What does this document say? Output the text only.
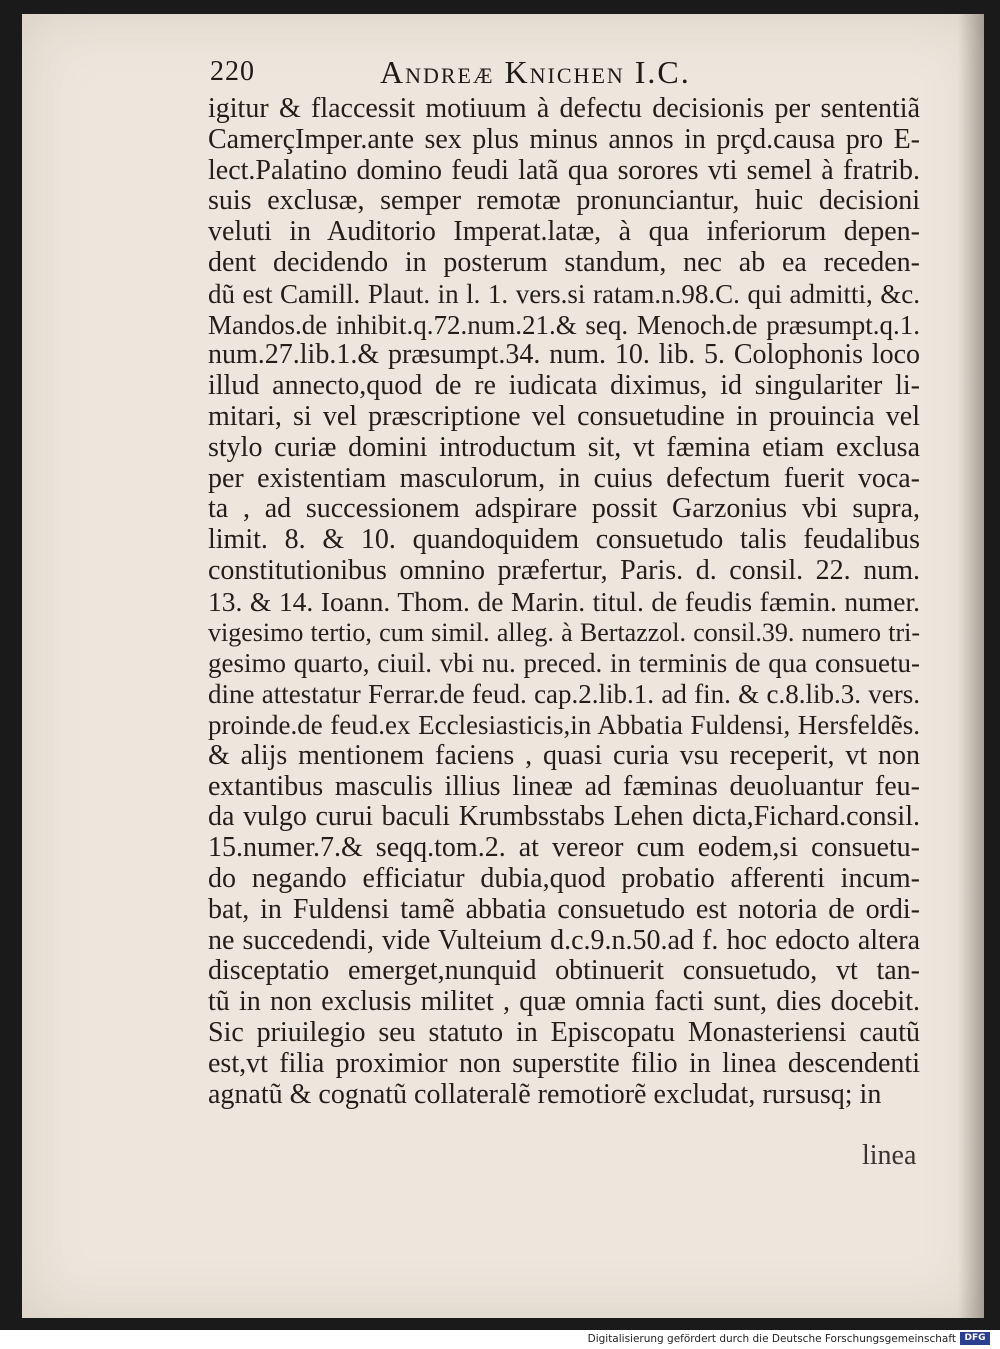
220	Andreæ Knichen I.C.
igitur & flaccessit motiuum à defectu decisionis per sententiã
CamerçImper.ante sex plus minus annos in prçd.causa pro E-
lect.Palatino domino feudi latã qua sorores vti semel à fratrib.
suis exclusæ, semper remotæ pronunciantur, huic decisioni
veluti in Auditorio Imperat.latæ, à qua inferiorum depen-
dent decidendo in posterum standum, nec ab ea receden-
dũ est Camill. Plaut. in l. 1. vers.si ratam.n.98.C. qui admitti, &c.
Mandos.de inhibit.q.72.num.21.& seq. Menoch.de præsumpt.q.1.
num.27.lib.1.& præsumpt.34. num. 10. lib. 5. Colophonis loco
illud annecto,quod de re iudicata diximus, id singulariter li-
mitari, si vel præscriptione vel consuetudine in prouincia vel
stylo curiæ domini introductum sit, vt fæmina etiam exclusa
per existentiam masculorum, in cuius defectum fuerit voca-
ta , ad successionem adspirare possit Garzonius vbi supra,
limit. 8. & 10. quandoquidem consuetudo talis feudalibus
constitutionibus omnino præfertur, Paris. d. consil. 22. num.
13. & 14. Ioann. Thom. de Marin. titul. de feudis fæmin. numer.
vigesimo tertio, cum simil. alleg. à Bertazzol. consil.39. numero tri-
gesimo quarto, ciuil. vbi nu. preced. in terminis de qua consuetu-
dine attestatur Ferrar.de feud. cap.2.lib.1. ad fin. & c.8.lib.3. vers.
proinde.de feud.ex Ecclesiasticis,in Abbatia Fuldensi, Hersfeldẽs.
& alijs mentionem faciens , quasi curia vsu receperit, vt non
extantibus masculis illius lineæ ad fæminas deuoluantur feu-
da vulgo curui baculi Krumbsstabs Lehen dicta,Fichard.consil.
15.numer.7.& seqq.tom.2. at vereor cum eodem,si consuetu-
do negando efficiatur dubia,quod probatio afferenti incum-
bat, in Fuldensi tamẽ abbatia consuetudo est notoria de ordi-
ne succedendi, vide Vulteium d.c.9.n.50.ad f. hoc edocto altera
disceptatio emerget,nunquid obtinuerit consuetudo, vt tan-
tũ in non exclusis militet , quæ omnia facti sunt, dies docebit.
Sic priuilegio seu statuto in Episcopatu Monasteriensi cautũ
est,vt filia proximior non superstite filio in linea descendenti
agnatũ & cognatũ collateralẽ remotiorẽ excludat, rursusq; in
linea
Digitalisierung gefördert durch die Deutsche Forschungsgemeinschaft DFG
